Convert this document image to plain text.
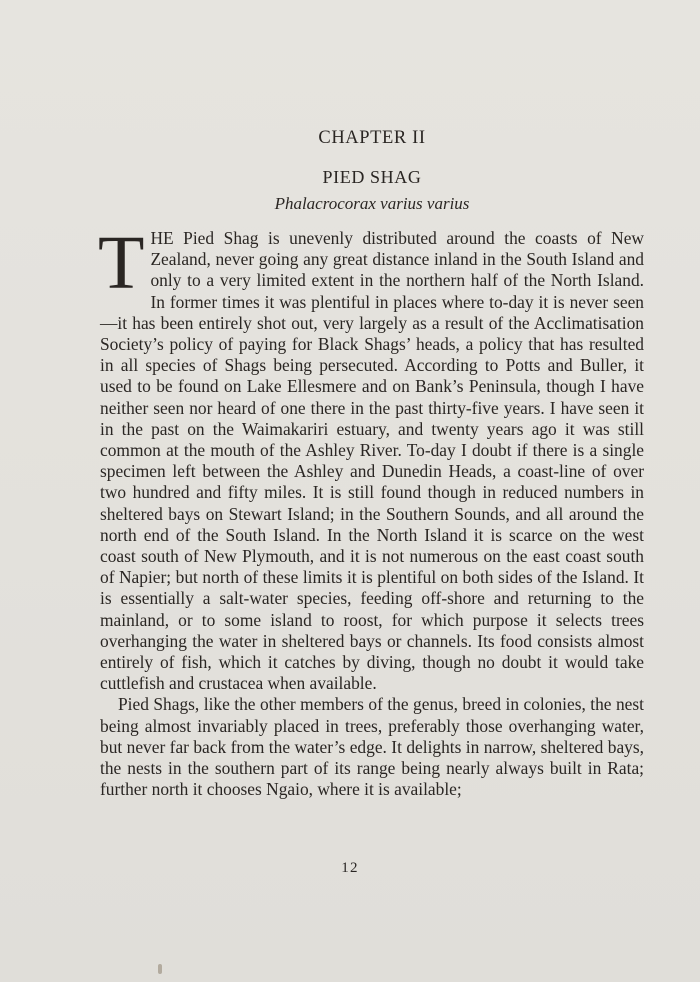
CHAPTER II
PIED SHAG

Phalacrocorax varius varius

THE Pied Shag is unevenly distributed around the coasts of New Zealand, never going any great distance inland in the South Island and only to a very limited extent in the northern half of the North Island. In former times it was plentiful in places where to-day it is never seen—it has been entirely shot out, very largely as a result of the Acclimatisation Society’s policy of paying for Black Shags’ heads, a policy that has resulted in all species of Shags being persecuted. According to Potts and Buller, it used to be found on Lake Ellesmere and on Bank’s Peninsula, though I have neither seen nor heard of one there in the past thirty-five years. I have seen it in the past on the Waimakariri estuary, and twenty years ago it was still common at the mouth of the Ashley River. To-day I doubt if there is a single specimen left between the Ashley and Dunedin Heads, a coast-line of over two hundred and fifty miles. It is still found though in reduced numbers in sheltered bays on Stewart Island; in the Southern Sounds, and all around the north end of the South Island. In the North Island it is scarce on the west coast south of New Plymouth, and it is not numerous on the east coast south of Napier; but north of these limits it is plentiful on both sides of the Island. It is essentially a salt-water species, feeding off-shore and returning to the mainland, or to some island to roost, for which purpose it selects trees overhanging the water in sheltered bays or channels. Its food consists almost entirely of fish, which it catches by diving, though no doubt it would take cuttlefish and crustacea when available.

Pied Shags, like the other members of the genus, breed in colonies, the nest being almost invariably placed in trees, preferably those overhanging water, but never far back from the water’s edge. It delights in narrow, sheltered bays, the nests in the southern part of its range being nearly always built in Rata; further north it chooses Ngaio, where it is available;

12
